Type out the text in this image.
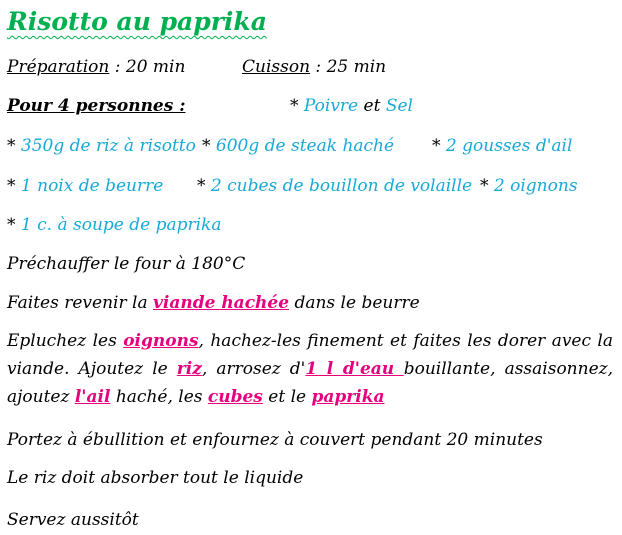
Risotto au paprika
Préparation : 20 min	Cuisson : 25 min
Pour 4 personnes :	* Poivre et Sel
* 350g de riz à risotto * 600g de steak haché * 2 gousses d'ail
* 1 noix de beurre * 2 cubes de bouillon de volaille * 2 oignons
* 1 c. à soupe de paprika
Préchauffer le four à 180°C
Faites revenir la viande hachée dans le beurre
Epluchez les oignons, hachez-les finement et faites les dorer avec la viande. Ajoutez le riz, arrosez d'1 l d'eau bouillante, assaisonnez, ajoutez l'ail haché, les cubes et le paprika
Portez à ébullition et enfournez à couvert pendant 20 minutes
Le riz doit absorber tout le liquide
Servez aussitôt
